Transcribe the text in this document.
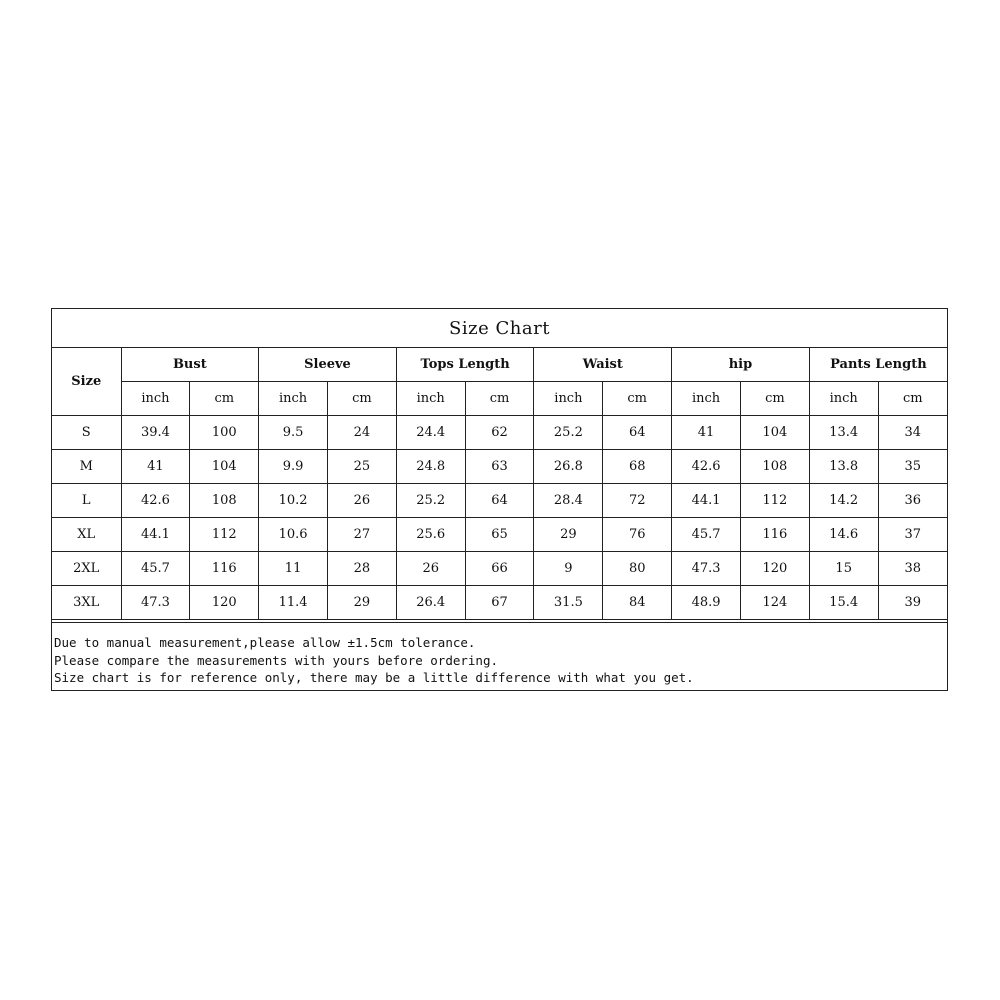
Size Chart
Size	Bust		Sleeve		Tops Length		Waist		hip		Pants Length	
	inch	cm	inch	cm	inch	cm	inch	cm	inch	cm	inch	cm
S	39.4	100	9.5	24	24.4	62	25.2	64	41	104	13.4	34
M	41	104	9.9	25	24.8	63	26.8	68	42.6	108	13.8	35
L	42.6	108	10.2	26	25.2	64	28.4	72	44.1	112	14.2	36
XL	44.1	112	10.6	27	25.6	65	29	76	45.7	116	14.6	37
2XL	45.7	116	11	28	26	66	9	80	47.3	120	15	38
3XL	47.3	120	11.4	29	26.4	67	31.5	84	48.9	124	15.4	39
Due to manual measurement,please allow ±1.5cm tolerance.
Please compare the measurements with yours before ordering.
Size chart is for reference only, there may be a little difference with what you get.
